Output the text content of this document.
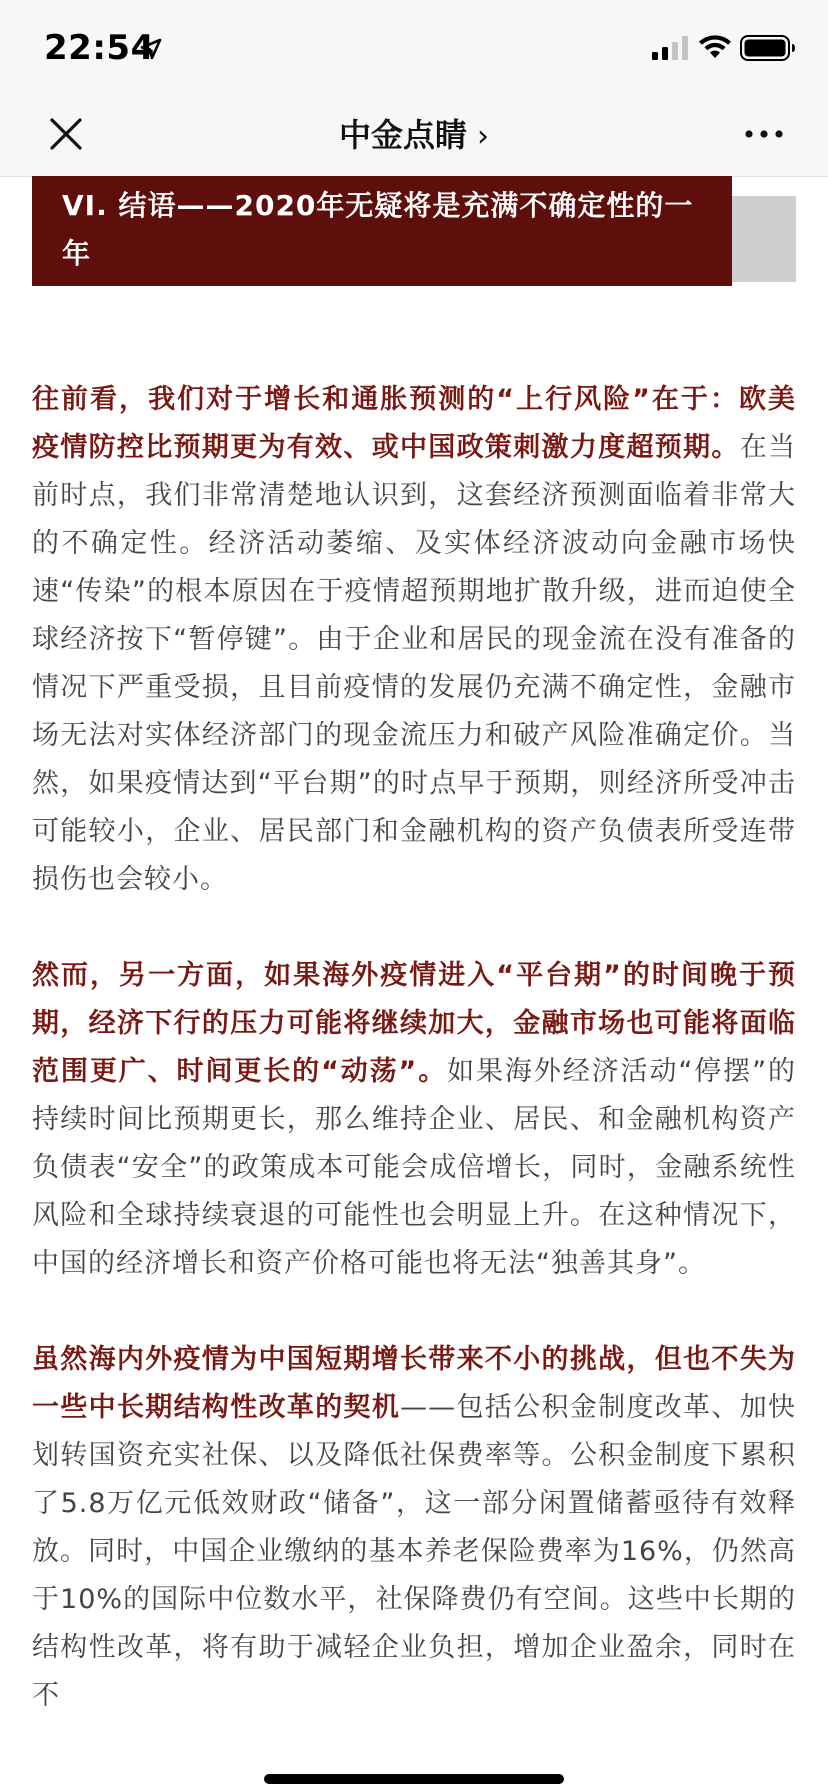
22:54
中金点睛 ›
VI. 结语——2020年无疑将是充满不确定性的一年

往前看，我们对于增长和通胀预测的“上行风险”在于：欧美疫情防控比预期更为有效、或中国政策刺激力度超预期。在当前时点，我们非常清楚地认识到，这套经济预测面临着非常大的不确定性。经济活动萎缩、及实体经济波动向金融市场快速“传染”的根本原因在于疫情超预期地扩散升级，进而迫使全球经济按下“暂停键”。由于企业和居民的现金流在没有准备的情况下严重受损，且目前疫情的发展仍充满不确定性，金融市场无法对实体经济部门的现金流压力和破产风险准确定价。当然，如果疫情达到“平台期”的时点早于预期，则经济所受冲击可能较小，企业、居民部门和金融机构的资产负债表所受连带损伤也会较小。

然而，另一方面，如果海外疫情进入“平台期”的时间晚于预期，经济下行的压力可能将继续加大，金融市场也可能将面临范围更广、时间更长的“动荡”。如果海外经济活动“停摆”的持续时间比预期更长，那么维持企业、居民、和金融机构资产负债表“安全”的政策成本可能会成倍增长，同时，金融系统性风险和全球持续衰退的可能性也会明显上升。在这种情况下，中国的经济增长和资产价格可能也将无法“独善其身”。

虽然海内外疫情为中国短期增长带来不小的挑战，但也不失为一些中长期结构性改革的契机——包括公积金制度改革、加快划转国资充实社保、以及降低社保费率等。公积金制度下累积了5.8万亿元低效财政“储备”，这一部分闲置储蓄亟待有效释放。同时，中国企业缴纳的基本养老保险费率为16%，仍然高于10%的国际中位数水平，社保降费仍有空间。这些中长期的结构性改革，将有助于减轻企业负担，增加企业盈余，同时在不
